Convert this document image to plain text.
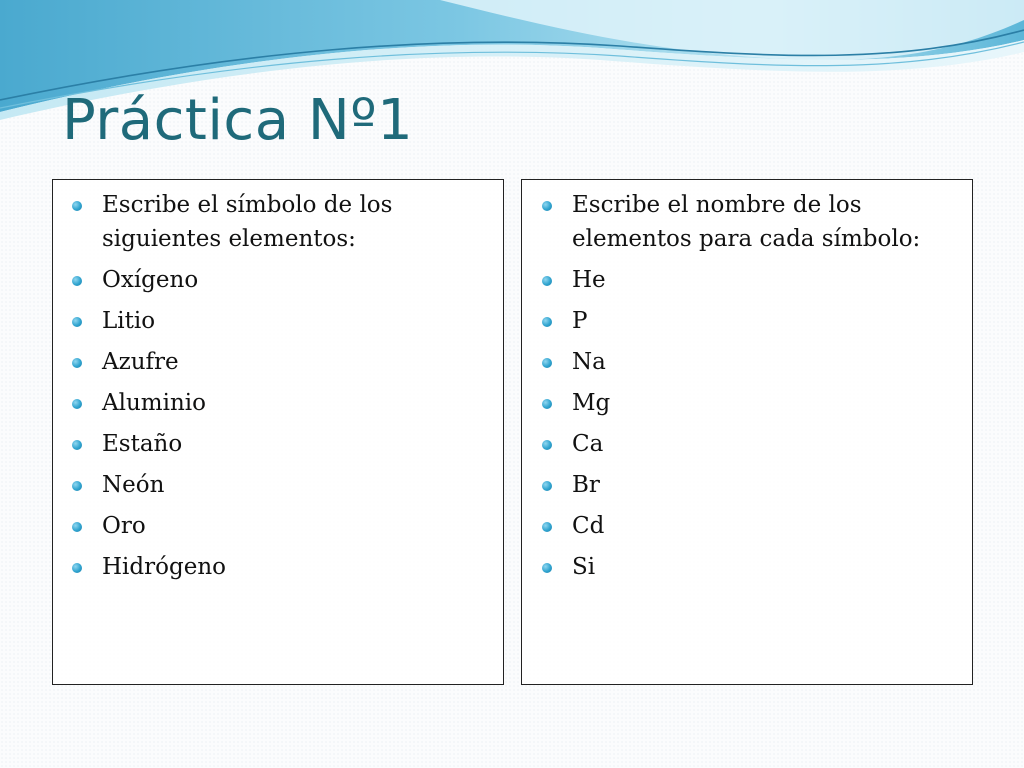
Práctica Nº1
Escribe el símbolo de los siguientes elementos:
Oxígeno
Litio
Azufre
Aluminio
Estaño
Neón
Oro
Hidrógeno
Escribe el nombre de los elementos para cada símbolo:
He
P
Na
Mg
Ca
Br
Cd
Si
